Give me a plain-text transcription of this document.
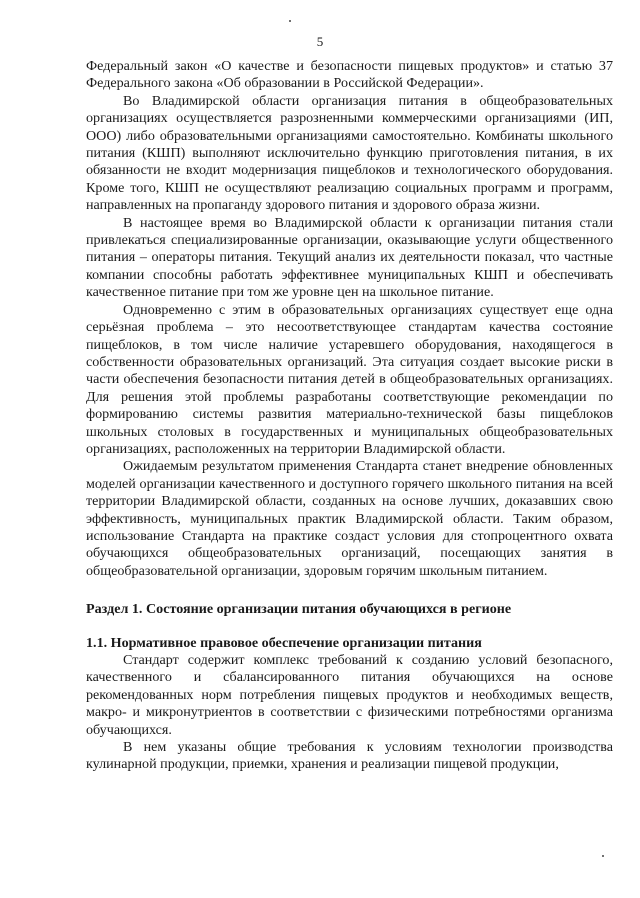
5

Федеральный закон «О качестве и безопасности пищевых продуктов» и статью 37 Федерального закона «Об образовании в Российской Федерации».

Во Владимирской области организация питания в общеобразовательных организациях осуществляется разрозненными коммерческими организациями (ИП, ООО) либо образовательными организациями самостоятельно. Комбинаты школьного питания (КШП) выполняют исключительно функцию приготовления питания, в их обязанности не входит модернизация пищеблоков и технологического оборудования. Кроме того, КШП не осуществляют реализацию социальных программ и программ, направленных на пропаганду здорового питания и здорового образа жизни.

В настоящее время во Владимирской области к организации питания стали привлекаться специализированные организации, оказывающие услуги общественного питания – операторы питания. Текущий анализ их деятельности показал, что частные компании способны работать эффективнее муниципальных КШП и обеспечивать качественное питание при том же уровне цен на школьное питание.

Одновременно с этим в образовательных организациях существует еще одна серьёзная проблема – это несоответствующее стандартам качества состояние пищеблоков, в том числе наличие устаревшего оборудования, находящегося в собственности образовательных организаций. Эта ситуация создает высокие риски в части обеспечения безопасности питания детей в общеобразовательных организациях. Для решения этой проблемы разработаны соответствующие рекомендации по формированию системы развития материально-технической базы пищеблоков школьных столовых в государственных и муниципальных общеобразовательных организациях, расположенных на территории Владимирской области.

Ожидаемым результатом применения Стандарта станет внедрение обновленных моделей организации качественного и доступного горячего школьного питания на всей территории Владимирской области, созданных на основе лучших, доказавших свою эффективность, муниципальных практик Владимирской области. Таким образом, использование Стандарта на практике создаст условия для стопроцентного охвата обучающихся общеобразовательных организаций, посещающих занятия в общеобразовательной организации, здоровым горячим школьным питанием.

Раздел 1. Состояние организации питания обучающихся в регионе

1.1. Нормативное правовое обеспечение организации питания

Стандарт содержит комплекс требований к созданию условий безопасного, качественного и сбалансированного питания обучающихся на основе рекомендованных норм потребления пищевых продуктов и необходимых веществ, макро- и микронутриентов в соответствии с физическими потребностями организма обучающихся.

В нем указаны общие требования к условиям технологии производства кулинарной продукции, приемки, хранения и реализации пищевой продукции,
